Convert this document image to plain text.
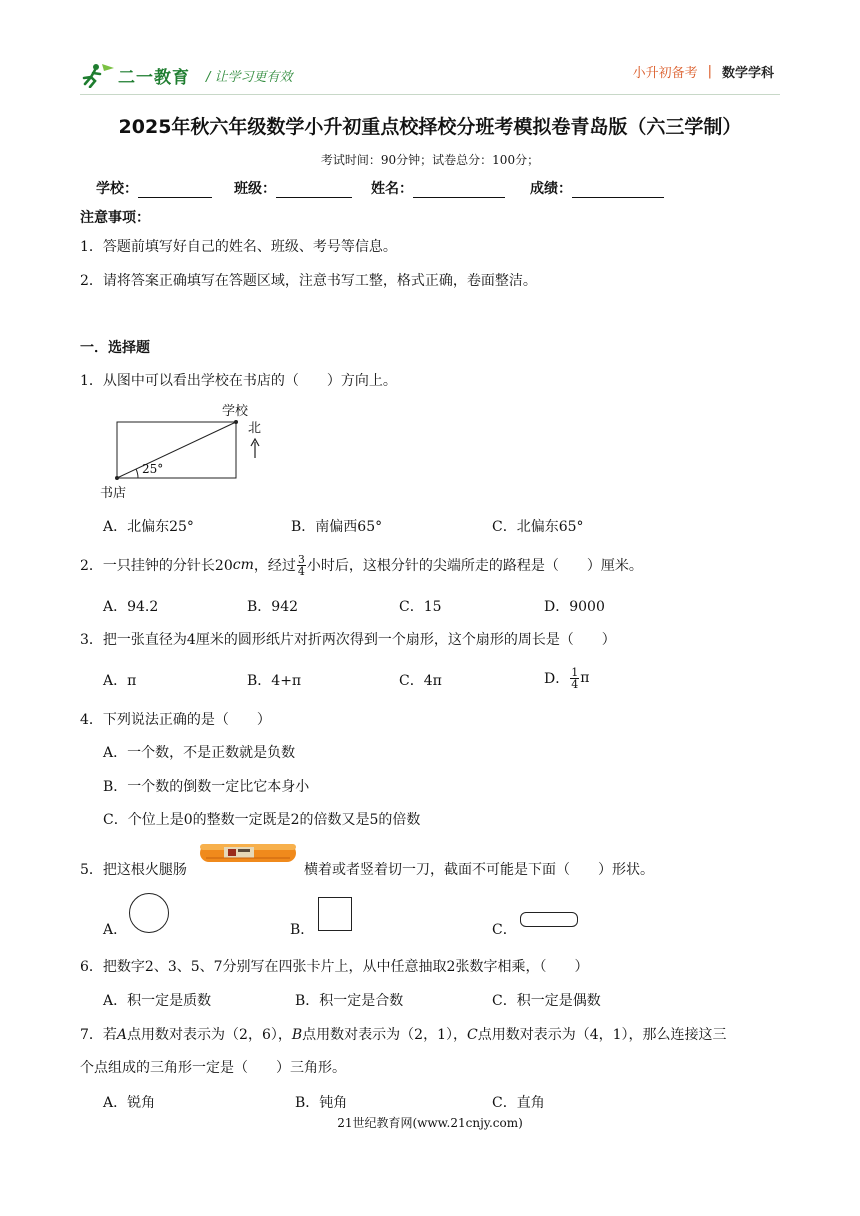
二一教育 / 让学习更有效	小升初备考 | 数学学科
2025年秋六年级数学小升初重点校择校分班考模拟卷青岛版（六三学制）
考试时间：90分钟；试卷总分：100分；
学校：	班级：	姓名：	成绩：
注意事项：
1．答题前填写好自己的姓名、班级、考号等信息。
2．请将答案正确填写在答题区域，注意书写工整，格式正确，卷面整洁。
一．选择题
1．从图中可以看出学校在书店的（　　）方向上。
学校
北
25°
书店
A．北偏东25°	B．南偏西65°	C．北偏东65°
2．一只挂钟的分针长20 cm ，经过 $\frac{3}{4}$ 小时后，这根分针的尖端所走的路程是（　　）厘米。
A．94.2	B．942	C．15	D．9000
3．把一张直径为4厘米的圆形纸片对折两次得到一个扇形，这个扇形的周长是（　　）
A．π	B．4+π	C．4π	D． $\frac{1}{4}$ π
4．下列说法正确的是（　　）
A．一个数，不是正数就是负数
B．一个数的倒数一定比它本身小
C．个位上是0的整数一定既是2的倍数又是5的倍数
5．把这根火腿肠	横着或者竖着切一刀，截面不可能是下面（　　）形状。
A．	B．	C．
6．把数字2、3、5、7分别写在四张卡片上，从中任意抽取2张数字相乘，（　　）
A．积一定是质数	B．积一定是合数	C．积一定是偶数
7．若A点用数对表示为（2，6），B点用数对表示为（2，1），C点用数对表示为（4，1），那么连接这三
个点组成的三角形一定是（　　）三角形。
A．锐角	B．钝角	C．直角
21世纪教育网(www.21cnjy.com)
